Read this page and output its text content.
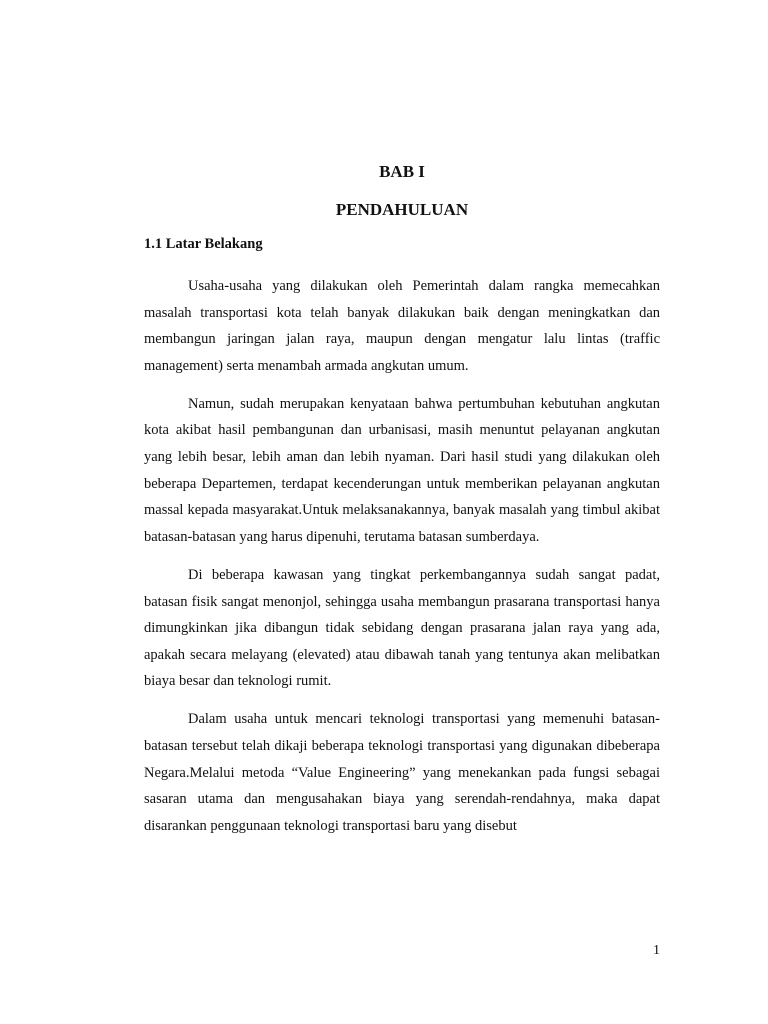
BAB I
PENDAHULUAN
1.1 Latar Belakang

Usaha-usaha yang dilakukan oleh Pemerintah dalam rangka memecahkan masalah transportasi kota telah banyak dilakukan baik dengan meningkatkan dan membangun jaringan jalan raya, maupun dengan mengatur lalu lintas (traffic management) serta menambah armada angkutan umum.

Namun, sudah merupakan kenyataan bahwa pertumbuhan kebutuhan angkutan kota akibat hasil pembangunan dan urbanisasi, masih menuntut pelayanan angkutan yang lebih besar, lebih aman dan lebih nyaman. Dari hasil studi yang dilakukan oleh beberapa Departemen, terdapat kecenderungan untuk memberikan pelayanan angkutan massal kepada masyarakat.Untuk melaksanakannya, banyak masalah yang timbul akibat batasan-batasan yang harus dipenuhi, terutama batasan sumberdaya.

Di beberapa kawasan yang tingkat perkembangannya sudah sangat padat, batasan fisik sangat menonjol, sehingga usaha membangun prasarana transportasi hanya dimungkinkan jika dibangun tidak sebidang dengan prasarana jalan raya yang ada, apakah secara melayang (elevated) atau dibawah tanah yang tentunya akan melibatkan biaya besar dan teknologi rumit.

Dalam usaha untuk mencari teknologi transportasi yang memenuhi batasan-batasan tersebut telah dikaji beberapa teknologi transportasi yang digunakan dibeberapa Negara.Melalui metoda “Value Engineering” yang menekankan pada fungsi sebagai sasaran utama dan mengusahakan biaya yang serendah-rendahnya, maka dapat disarankan penggunaan teknologi transportasi baru yang disebut

1
